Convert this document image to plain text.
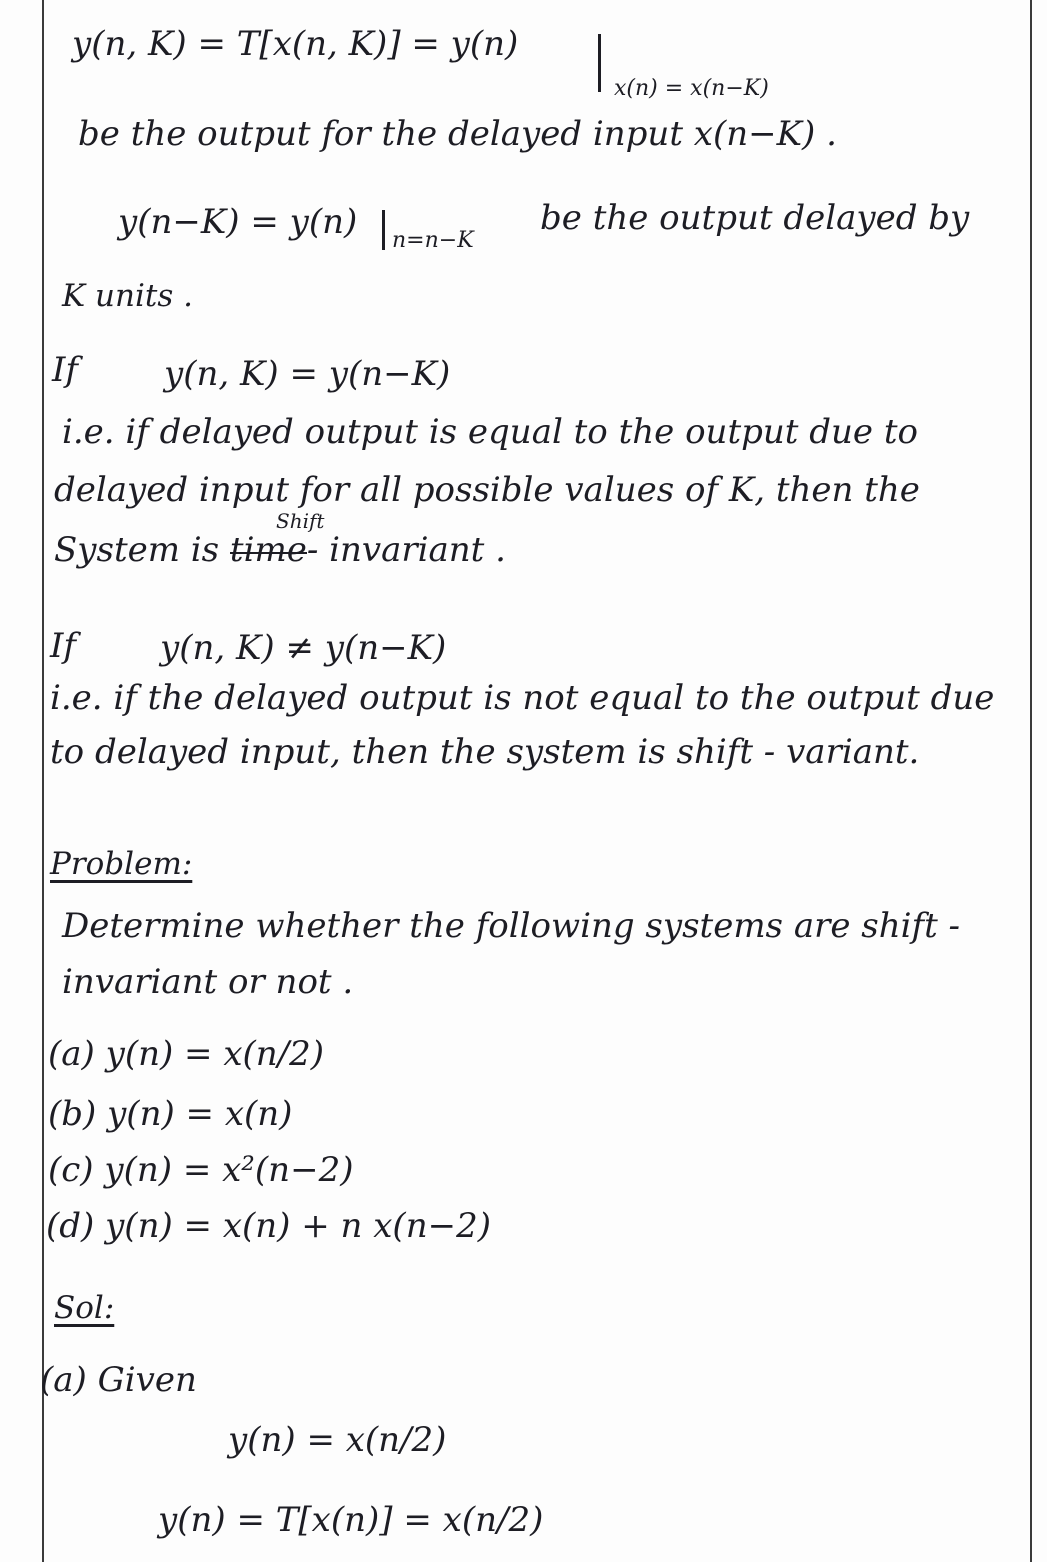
y(n, K) = T[x(n, K)] = y(n)
x(n) = x(n−K)
be the output for the delayed input x(n−K) .
y(n−K) = y(n) n=n−K
be the output delayed by
K units .
If	y(n, K) = y(n−K)
i.e. if delayed output is equal to the output due to
delayed input for all possible values of K, then the
Shift
System is time- invariant .
If y(n, K) ≠ y(n−K)
i.e. if the delayed output is not equal to the output due
to delayed input, then the system is shift - variant.
Problem:
Determine whether the following systems are shift -
invariant or not .
(a) y(n) = x(n/2)
(b) y(n) = x(n)
(c) y(n) = x²(n−2)
(d) y(n) = x(n) + n x(n−2)
Sol:
(a) Given
y(n) = x(n/2)
y(n) = T[x(n)] = x(n/2)
